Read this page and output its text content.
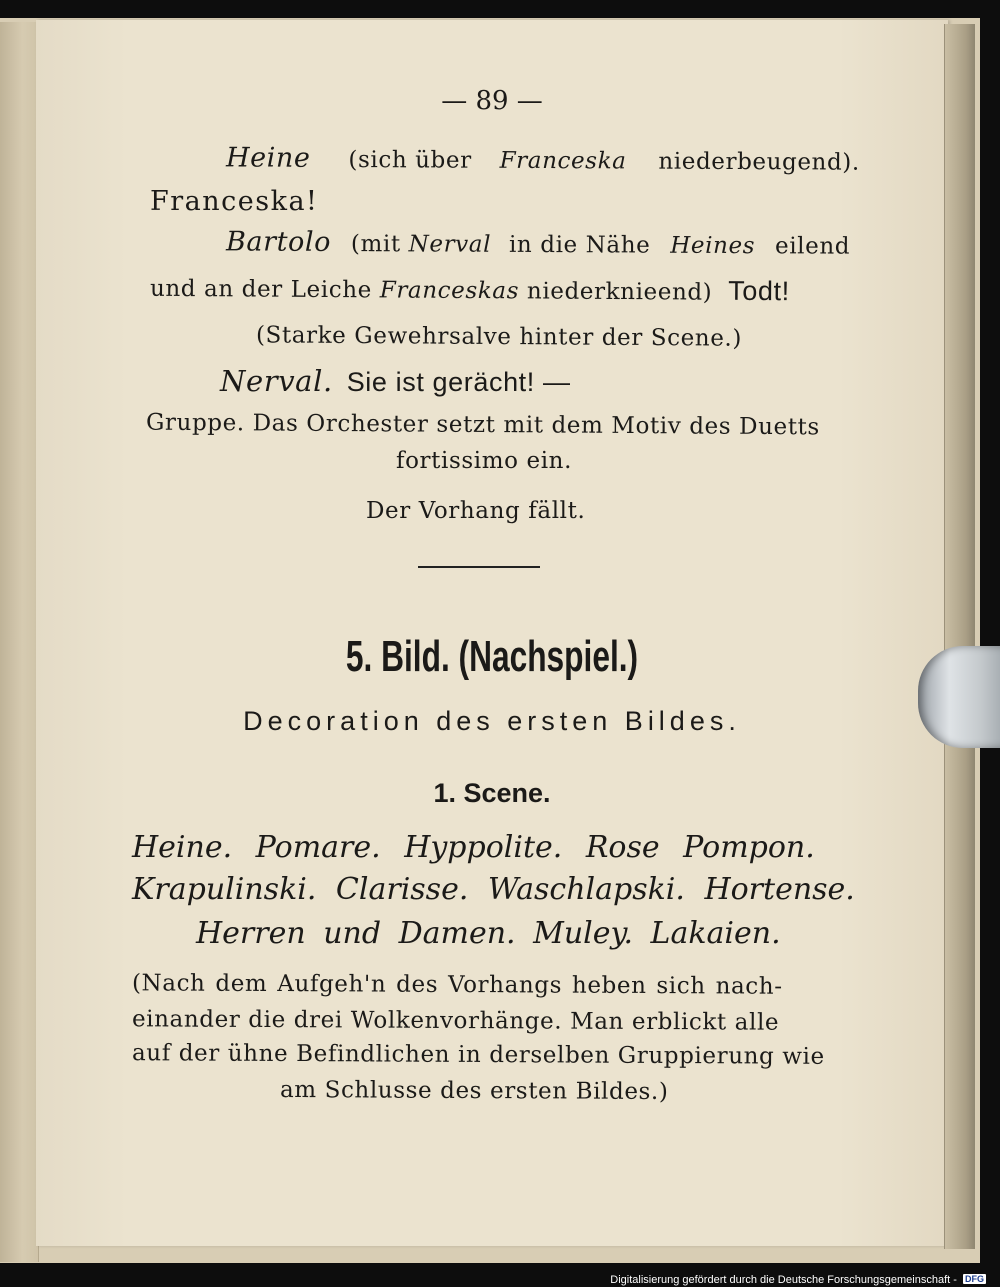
— 89 —
Heine (sich über Franceska niederbeugend).
Franceska!
Bartolo (mit Nerval in die Nähe Heines eilend
und an der Leiche Franceskas niederknieend) Todt!
(Starke Gewehrsalve hinter der Scene.)
Nerval. Sie ist gerächt! —
Gruppe. Das Orchester setzt mit dem Motiv des Duetts
fortissimo ein.
Der Vorhang fällt.
5. Bild. (Nachspiel.)
Decoration des ersten Bildes.
1. Scene.
Heine. Pomare. Hyppolite. Rose Pompon.
Krapulinski. Clarisse. Waschlapski. Hortense.
Herren und Damen. Muley. Lakaien.
(Nach dem Aufgeh'n des Vorhangs heben sich nach-
einander die drei Wolkenvorhänge. Man erblickt alle
auf der ühne Befindlichen in derselben Gruppierung wie
am Schlusse des ersten Bildes.)
Digitalisierung gefördert durch die Deutsche Forschungsgemeinschaft - DFG
